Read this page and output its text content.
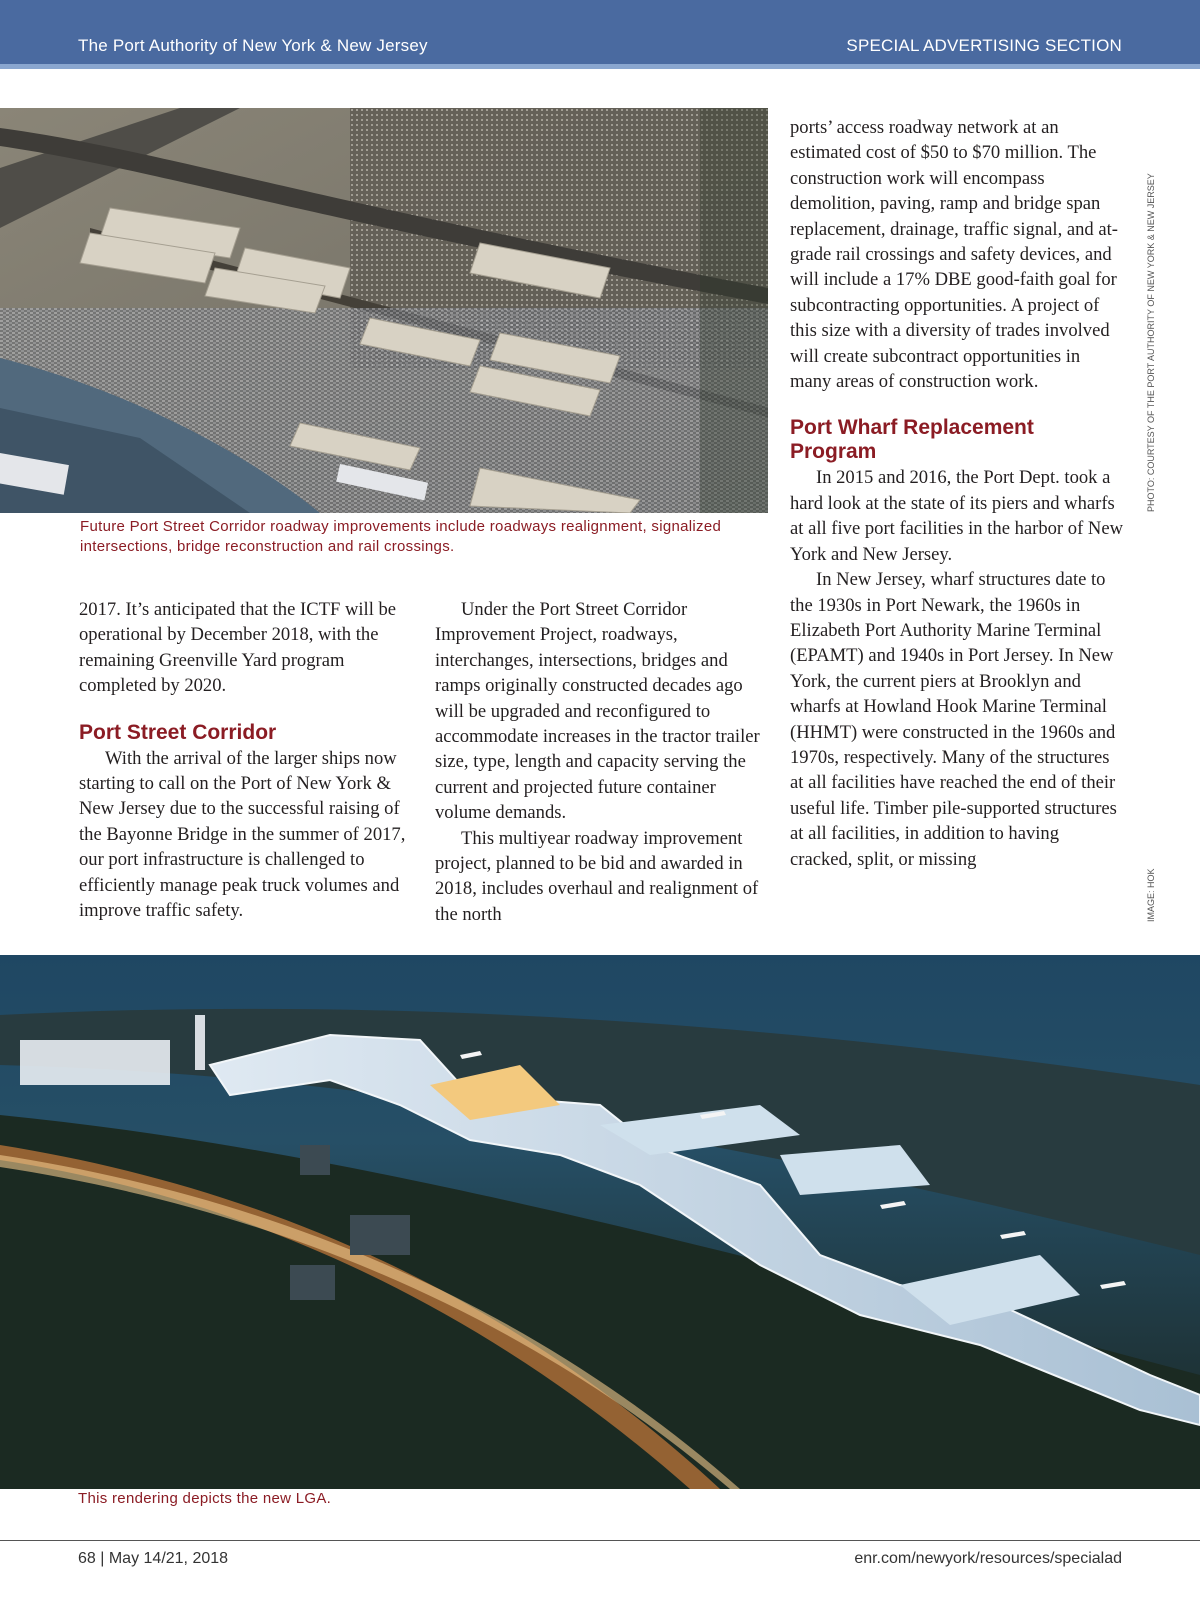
The Port Authority of New York & New Jersey	SPECIAL ADVERTISING SECTION
Future Port Street Corridor roadway improvements include roadways realignment, signalized intersections, bridge reconstruction and rail crossings.

2017. It’s anticipated that the ICTF will be operational by December 2018, with the remaining Greenville Yard program completed by 2020.

Port Street Corridor

With the arrival of the larger ships now starting to call on the Port of New York & New Jersey due to the successful raising of the Bayonne Bridge in the summer of 2017, our port infrastructure is challenged to efficiently manage peak truck volumes and improve traffic safety.

Under the Port Street Corridor Improvement Project, roadways, interchanges, intersections, bridges and ramps originally constructed decades ago will be upgraded and reconfigured to accommodate increases in the tractor trailer size, type, length and capacity serving the current and projected future container volume demands.

This multiyear roadway improvement project, planned to be bid and awarded in 2018, includes overhaul and realignment of the north

ports’ access roadway network at an estimated cost of $50 to $70 million. The construction work will encompass demolition, paving, ramp and bridge span replacement, drainage, traffic signal, and at-grade rail crossings and safety devices, and will include a 17% DBE good-faith goal for subcontracting opportunities. A project of this size with a diversity of trades involved will create subcontract opportunities in many areas of construction work.

Port Wharf Replacement Program

In 2015 and 2016, the Port Dept. took a hard look at the state of its piers and wharfs at all five port facilities in the harbor of New York and New Jersey.

In New Jersey, wharf structures date to the 1930s in Port Newark, the 1960s in Elizabeth Port Authority Marine Terminal (EPAMT) and 1940s in Port Jersey. In New York, the current piers at Brooklyn and wharfs at Howland Hook Marine Terminal (HHMT) were constructed in the 1960s and 1970s, respectively. Many of the structures at all facilities have reached the end of their useful life. Timber pile-supported structures at all facilities, in addition to having cracked, split, or missing

PHOTO: COURTESY OF THE PORT AUTHORITY OF NEW YORK & NEW JERSEY
IMAGE: HOK
This rendering depicts the new LGA.
68 | May 14/21, 2018	enr.com/newyork/resources/specialad
